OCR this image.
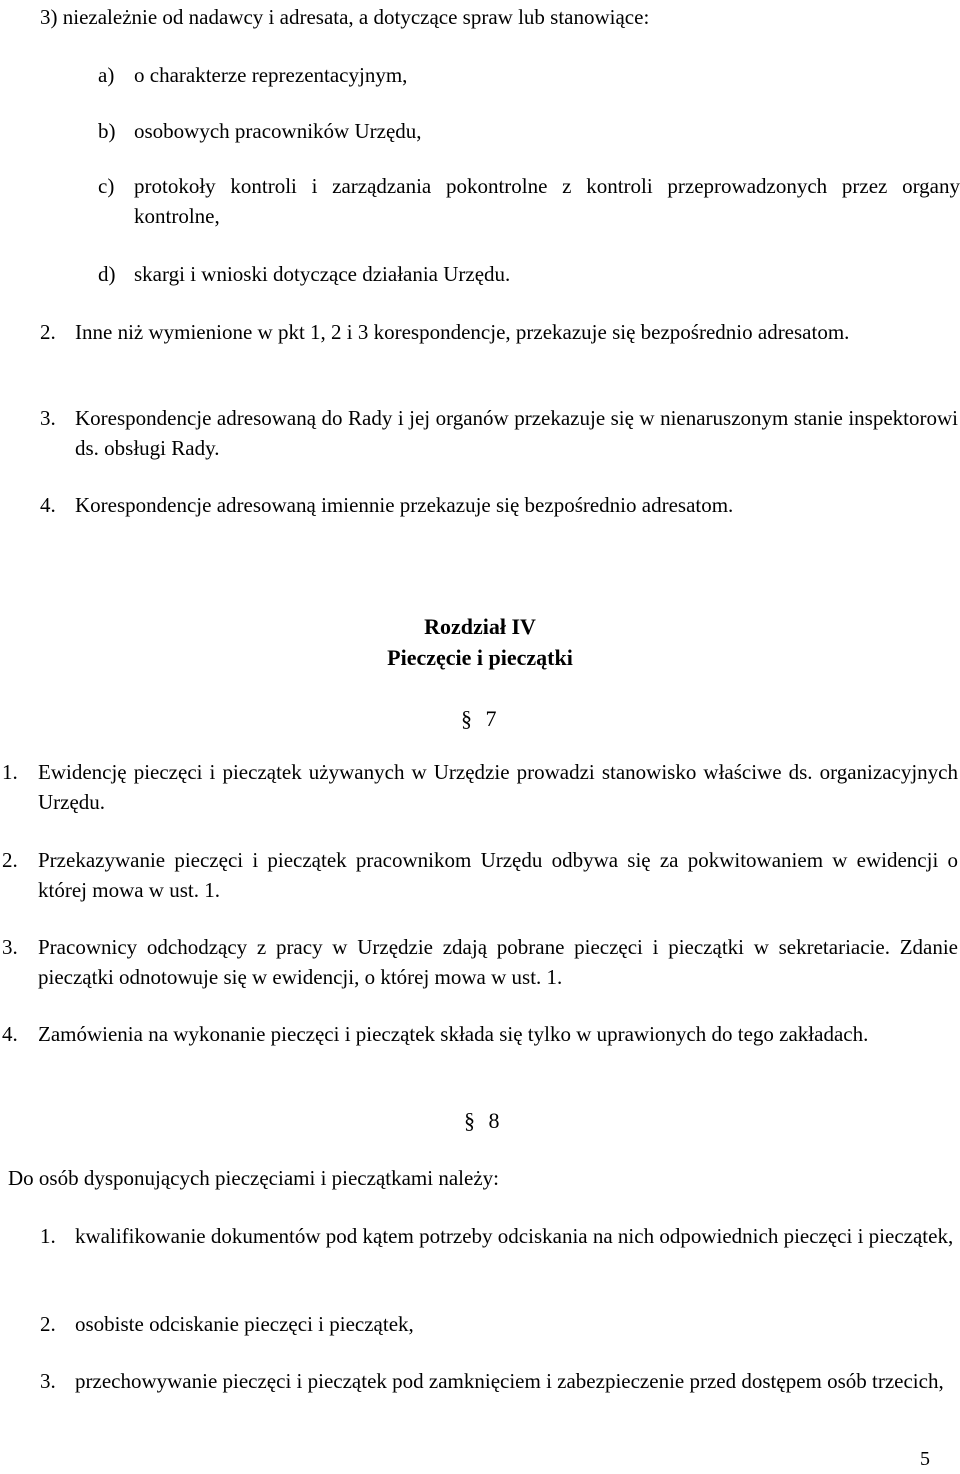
3) niezależnie od nadawcy i adresata, a dotyczące spraw lub stanowiące:
a) o charakterze reprezentacyjnym,
b) osobowych pracowników Urzędu,
c) protokoły kontroli i zarządzania pokontrolne z kontroli przeprowadzonych przez organy kontrolne,
d) skargi i wnioski dotyczące działania Urzędu.
2. Inne niż wymienione w pkt 1, 2 i 3 korespondencje, przekazuje się bezpośrednio adresatom.
3. Korespondencje adresowaną do Rady i jej organów przekazuje się w nienaruszonym stanie inspektorowi ds. obsługi Rady.
4. Korespondencje adresowaną imiennie przekazuje się bezpośrednio adresatom.
Rozdział IV
Pieczęcie i pieczątki
§ 7
1. Ewidencję pieczęci i pieczątek używanych w Urzędzie prowadzi stanowisko właściwe ds. organizacyjnych Urzędu.
2. Przekazywanie pieczęci i pieczątek pracownikom Urzędu odbywa się za pokwitowaniem w ewidencji o której mowa w ust. 1.
3. Pracownicy odchodzący z pracy w Urzędzie zdają pobrane pieczęci i pieczątki w sekretariacie. Zdanie pieczątki odnotowuje się w ewidencji, o której mowa w ust. 1.
4. Zamówienia na wykonanie pieczęci i pieczątek składa się tylko w uprawionych do tego zakładach.
§ 8
Do osób dysponujących pieczęciami i pieczątkami należy:
1. kwalifikowanie dokumentów pod kątem potrzeby odciskania na nich odpowiednich pieczęci i pieczątek,
2. osobiste odciskanie pieczęci i pieczątek,
3. przechowywanie pieczęci i pieczątek pod zamknięciem i zabezpieczenie przed dostępem osób trzecich,
5
